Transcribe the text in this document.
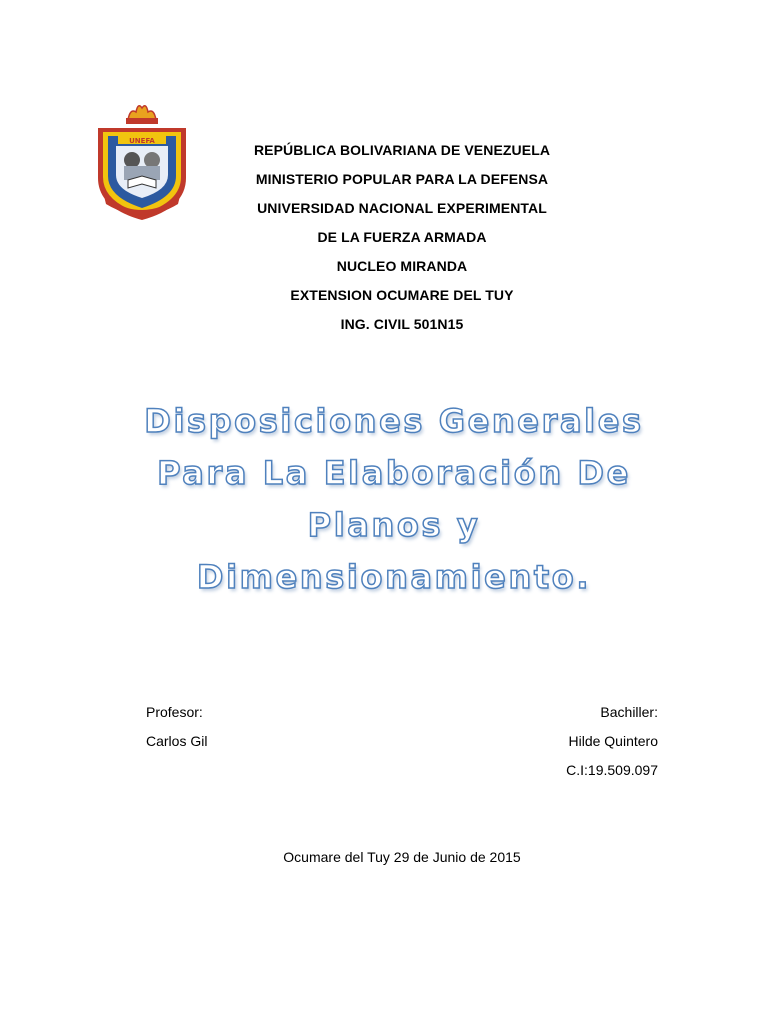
UNEFA
REPÚBLICA BOLIVARIANA DE VENEZUELA
MINISTERIO POPULAR PARA LA DEFENSA
UNIVERSIDAD NACIONAL EXPERIMENTAL
DE LA FUERZA ARMADA
NUCLEO MIRANDA
EXTENSION OCUMARE DEL TUY
ING. CIVIL 501N15
Disposiciones Generales
Para La Elaboración De
Planos y
Dimensionamiento.
Profesor:
Carlos Gil
Bachiller:
Hilde Quintero
C.I:19.509.097
Ocumare del Tuy 29 de Junio de 2015
